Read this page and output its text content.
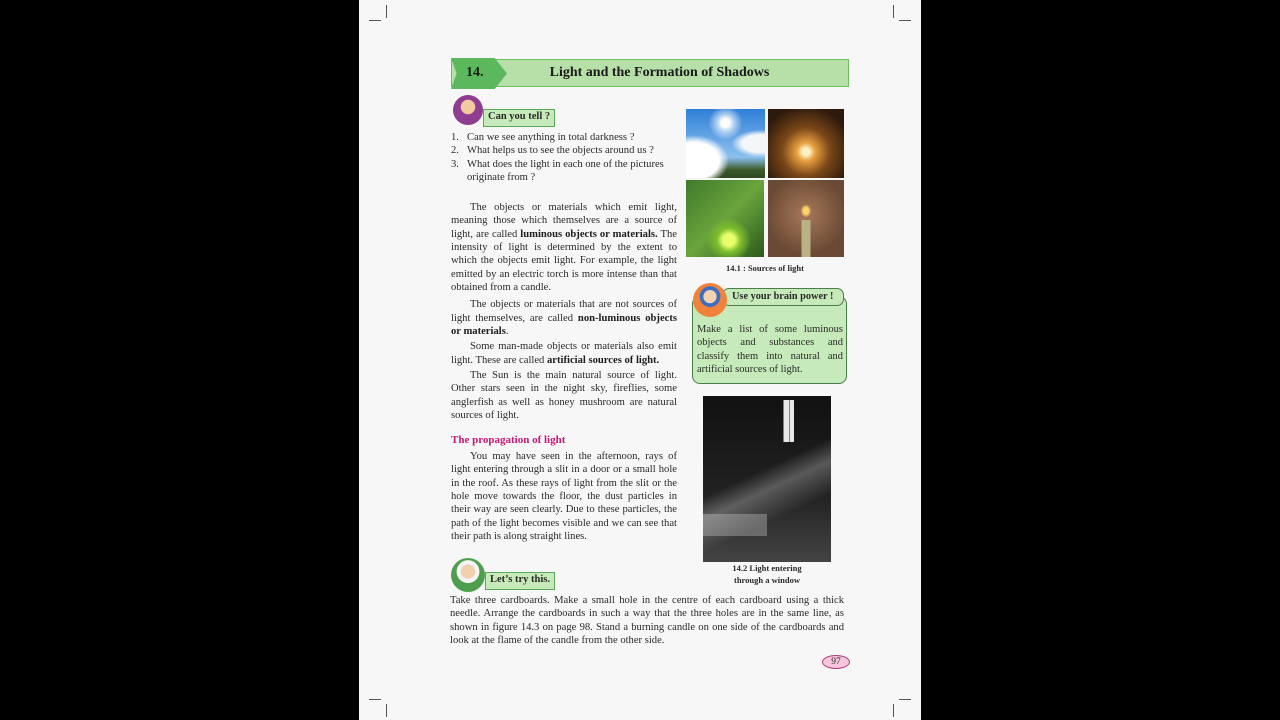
14.	Light and the Formation of Shadows
Can you tell ?
1. Can we see anything in total darkness ?
2. What helps us to see the objects around us ?
3. What does the light in each one of the pictures originate from ?

The objects or materials which emit light, meaning those which themselves are a source of light, are called luminous objects or materials. The intensity of light is determined by the extent to which the objects emit light. For example, the light emitted by an electric torch is more intense than that obtained from a candle.

The objects or materials that are not sources of light themselves, are called non-luminous objects or materials.

Some man-made objects or materials also emit light. These are called artificial sources of light.

The Sun is the main natural source of light. Other stars seen in the night sky, fireflies, some anglerfish as well as honey mushroom are natural sources of light.

The propagation of light

You may have seen in the afternoon, rays of light entering through a slit in a door or a small hole in the roof. As these rays of light from the slit or the hole move towards the floor, the dust particles in their way are seen clearly. Due to these particles, the path of the light becomes visible and we can see that their path is along straight lines.

14.1 : Sources of light
Use your brain power !

Make a list of some luminous objects and substances and classify them into natural and artificial sources of light.

14.2 Light entering
through a window
Let’s try this.

Take three cardboards. Make a small hole in the centre of each cardboard using a thick needle. Arrange the cardboards in such a way that the three holes are in the same line, as shown in figure 14.3 on page 98. Stand a burning candle on one side of the cardboards and look at the flame of the candle from the other side.

97
